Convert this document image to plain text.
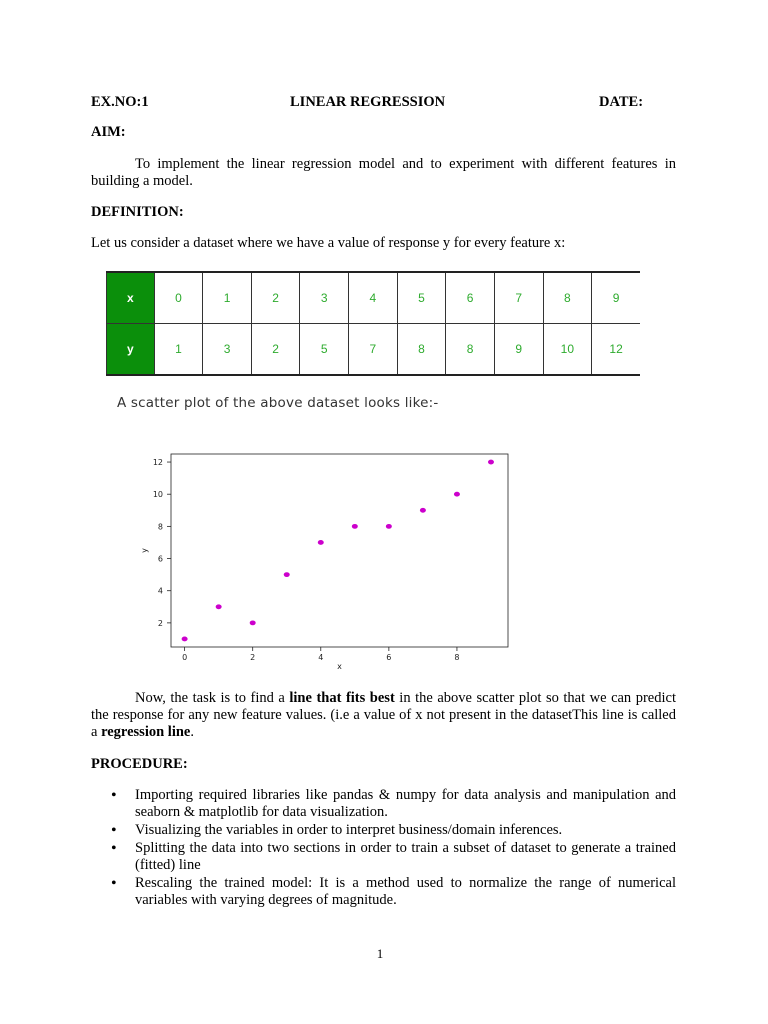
EX.NO:1	LINEAR REGRESSION	DATE:
AIM:
To implement the linear regression model and to experiment with different features in building a model.
DEFINITION:
Let us consider a dataset where we have a value of response y for every feature x:
x	0	1	2	3	4	5	6	7	8	9
y	1	3	2	5	7	8	8	9	10	12
A scatter plot of the above dataset looks like:-
2
4
6
8
10
12
0	2	4	6	8
x
y
Now, the task is to find a line that fits best in the above scatter plot so that we can predict the response for any new feature values. (i.e a value of x not present in the datasetThis line is called a regression line.
PROCEDURE:
• Importing required libraries like pandas & numpy for data analysis and manipulation and seaborn & matplotlib for data visualization.
• Visualizing the variables in order to interpret business/domain inferences.
• Splitting the data into two sections in order to train a subset of dataset to generate a trained (fitted) line
• Rescaling the trained model: It is a method used to normalize the range of numerical variables with varying degrees of magnitude.
1
